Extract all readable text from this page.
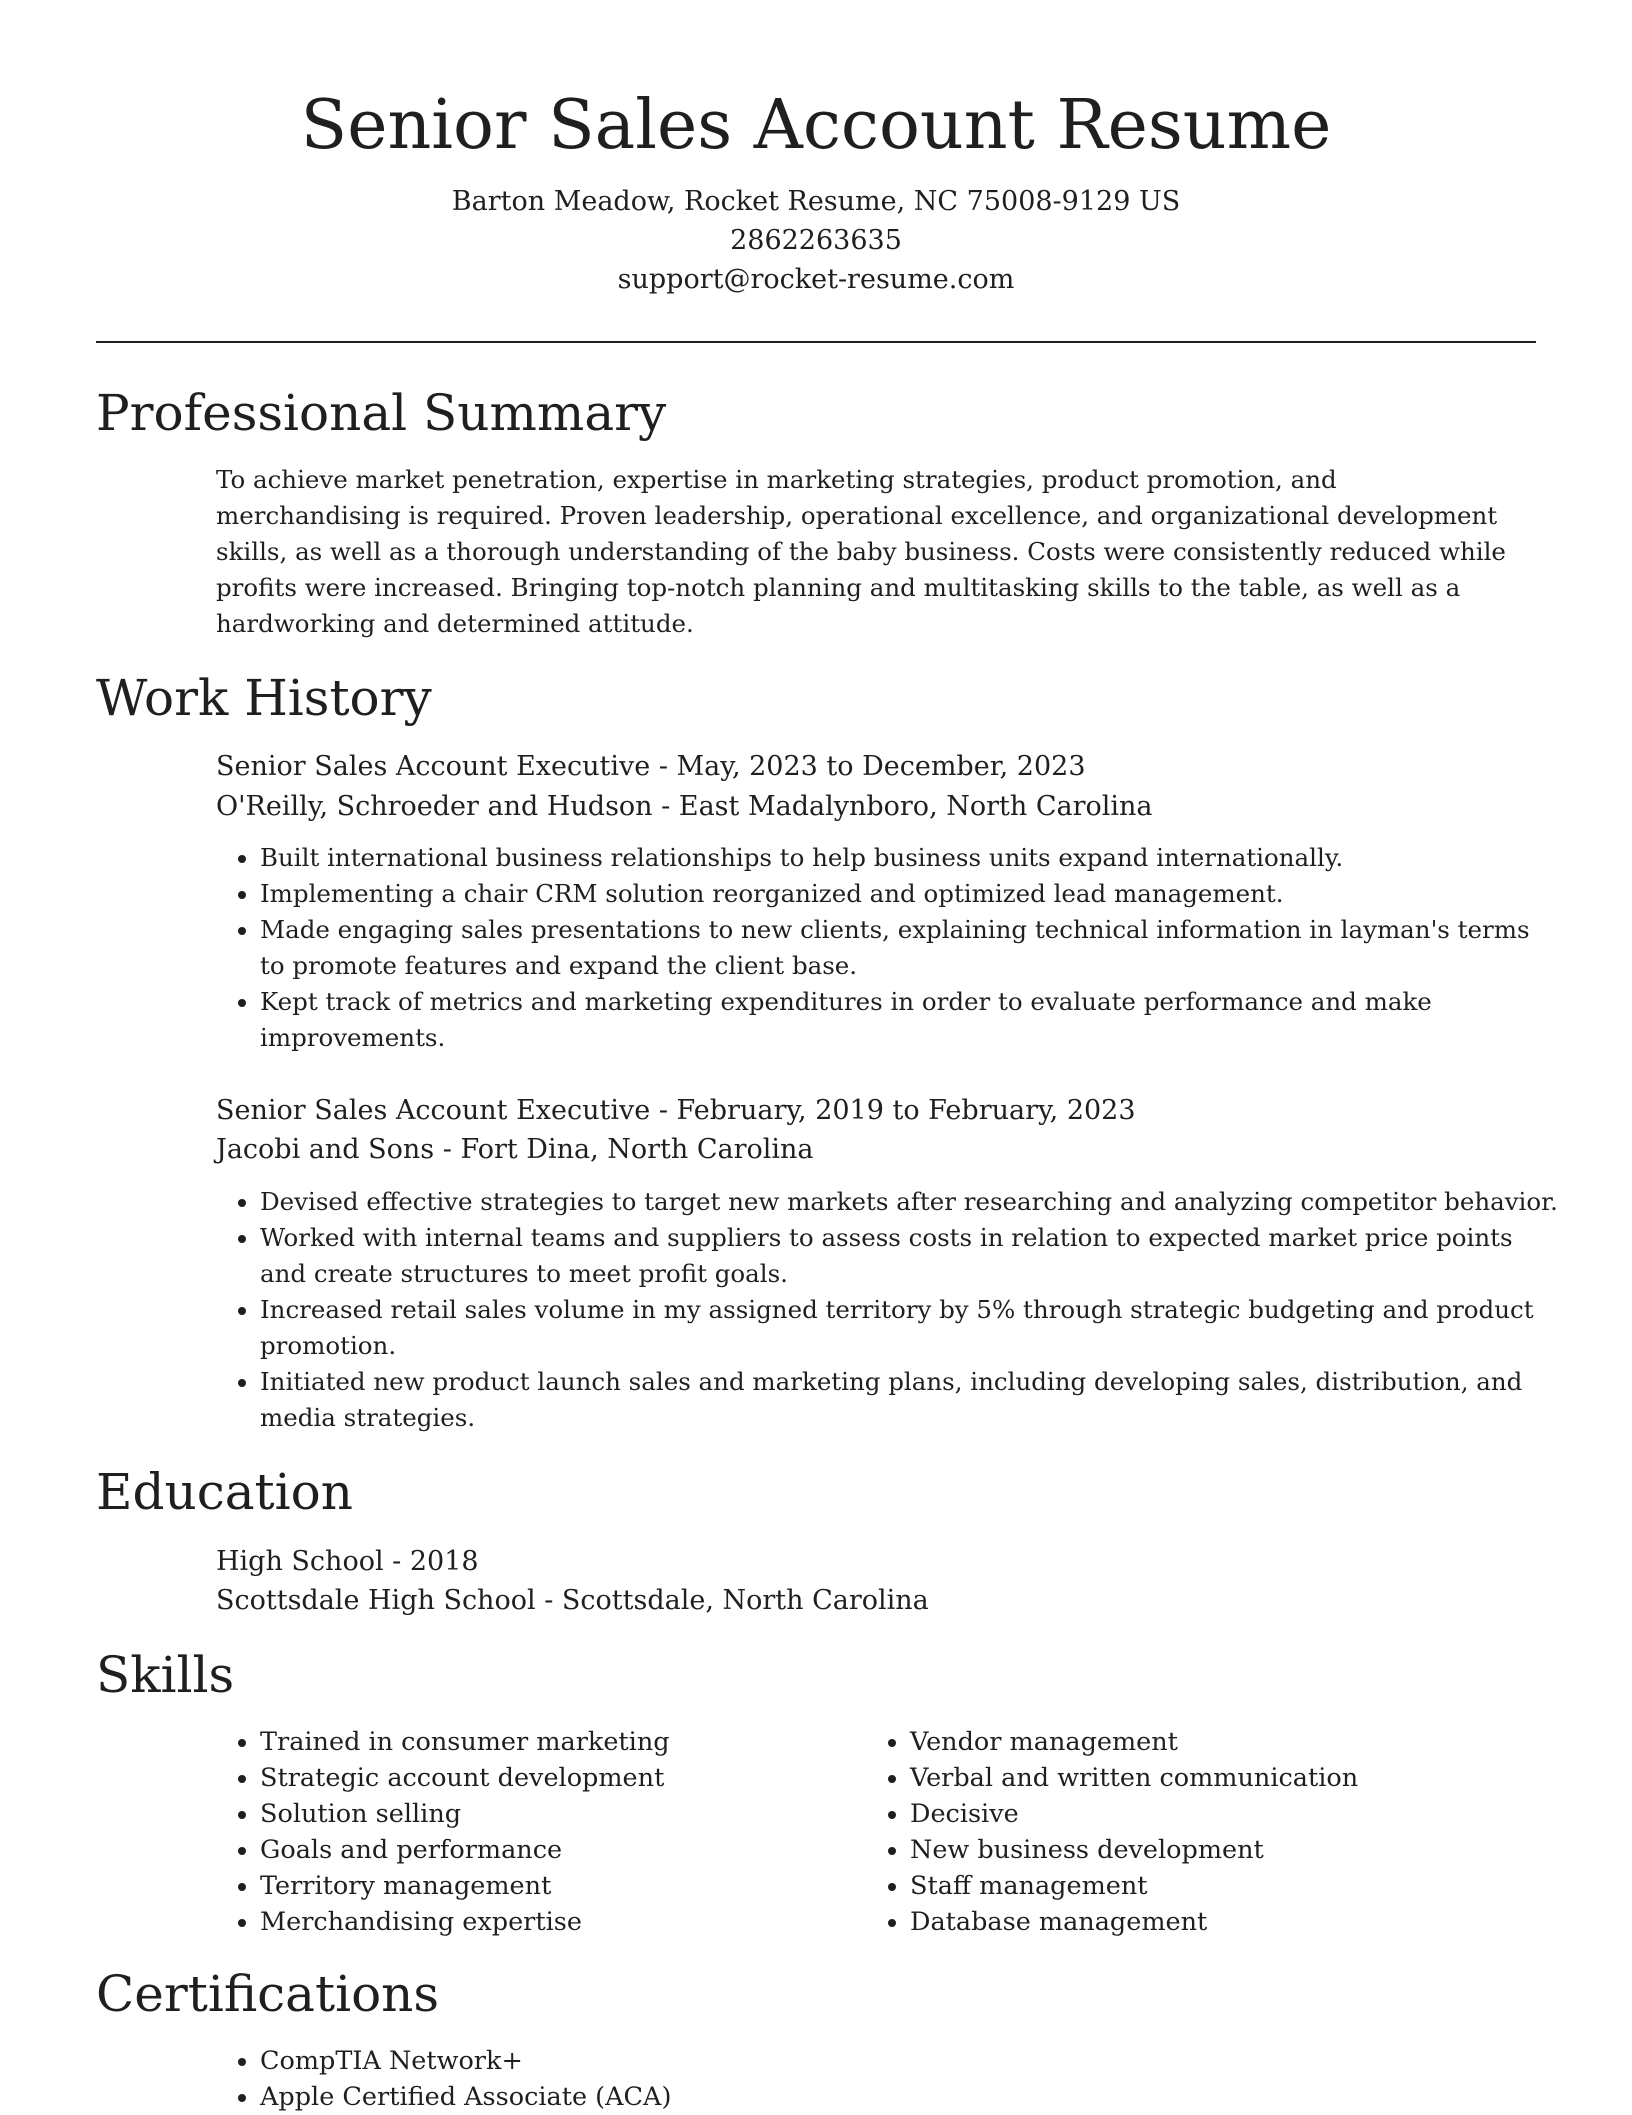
Senior Sales Account Resume
Barton Meadow, Rocket Resume, NC 75008-9129 US
2862263635
support@rocket-resume.com
Professional Summary

To achieve market penetration, expertise in marketing strategies, product promotion, and merchandising is required. Proven leadership, operational excellence, and organizational development skills, as well as a thorough understanding of the baby business. Costs were consistently reduced while profits were increased. Bringing top-notch planning and multitasking skills to the table, as well as a hardworking and determined attitude.

Work History
Senior Sales Account Executive - May, 2023 to December, 2023
O'Reilly, Schroeder and Hudson - East Madalynboro, North Carolina
• Built international business relationships to help business units expand internationally.
• Implementing a chair CRM solution reorganized and optimized lead management.
• Made engaging sales presentations to new clients, explaining technical information in layman's terms to promote features and expand the client base.
• Kept track of metrics and marketing expenditures in order to evaluate performance and make improvements.
Senior Sales Account Executive - February, 2019 to February, 2023
Jacobi and Sons - Fort Dina, North Carolina
• Devised effective strategies to target new markets after researching and analyzing competitor behavior.
• Worked with internal teams and suppliers to assess costs in relation to expected market price points and create structures to meet profit goals.
• Increased retail sales volume in my assigned territory by 5% through strategic budgeting and product promotion.
• Initiated new product launch sales and marketing plans, including developing sales, distribution, and media strategies.
Education
High School - 2018
Scottsdale High School - Scottsdale, North Carolina
Skills
• Trained in consumer marketing
• Strategic account development
• Solution selling
• Goals and performance
• Territory management
• Merchandising expertise
• Vendor management
• Verbal and written communication
• Decisive
• New business development
• Staff management
• Database management
Certifications
• CompTIA Network+
• Apple Certified Associate (ACA)
